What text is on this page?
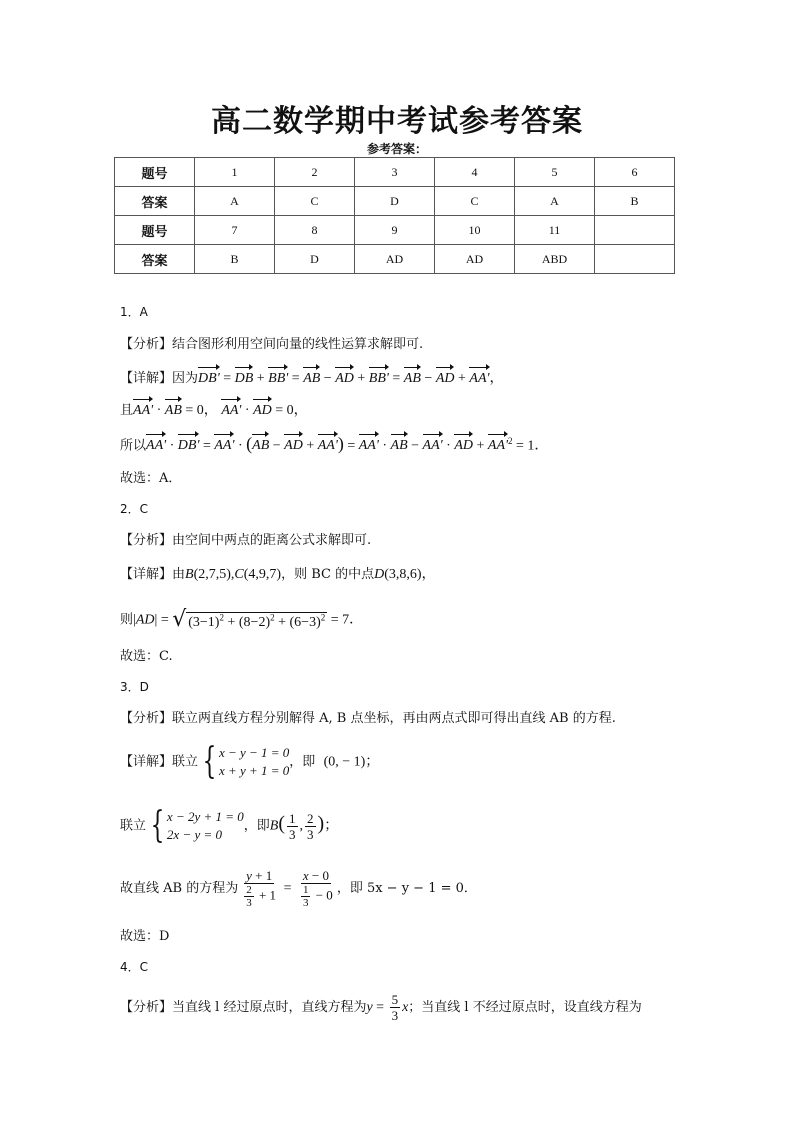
高二数学期中考试参考答案
参考答案：
题号	1	2	3	4	5	6
答案	A	C	D	C	A	B
题号	7	8	9	10	11	
答案	B	D	AD	AD	ABD	
1．A
【分析】结合图形利用空间向量的线性运算求解即可.
【详解】因为DB' = DB + BB' = AB − AD + BB' = AB − AD + AA'，
且AA' · AB = 0， AA' · AD = 0，
所以AA' · DB' = AA' · (AB − AD + AA') = AA' · AB − AA' · AD + $AA'^2 = 1$．
故选：A．
2．C
【分析】由空间中两点的距离公式求解即可.
【详解】由B(2,7,5),C(4,9,7)，则 BC 的中点D(3,8,6)，
则|AD| = √ $(3-1)^2 + (8-2)^2 + (6-3)^2 = 7$．
故选：C.
3．D
【分析】联立两直线方程分别解得 A, B 点坐标，再由两点式即可得出直线 AB 的方程.
【详解】联立 { x − y − 1 = 0
x + y + 1 = 0
，即 (0, − 1)；
联立 { x − 2y + 1 = 0
2x − y = 0
，即$B( \frac{1}{3}$ , $\frac{2}{3}$ )；
故直线 AB 的方程为 $\frac{y + 1}{\frac{2}{3} + 1} = \frac{x - 0}{\frac{1}{3} - 0}$ ，即 5x − y − 1 = 0．
故选：D
4．C
【分析】当直线 l 经过原点时，直线方程为$y = \frac{5}{3}$ x；当直线 l 不经过原点时，设直线方程为
